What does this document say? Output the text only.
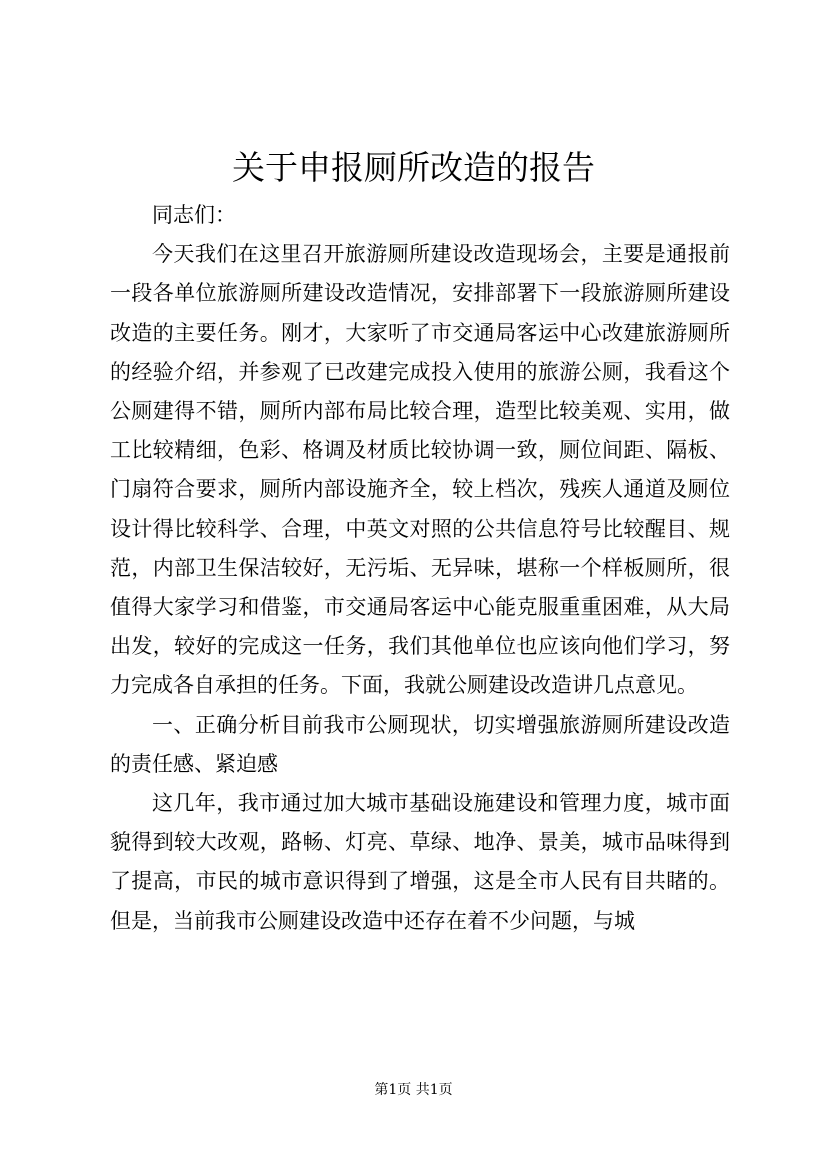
关于申报厕所改造的报告

同志们：

今天我们在这里召开旅游厕所建设改造现场会，主要是通报前一段各单位旅游厕所建设改造情况，安排部署下一段旅游厕所建设改造的主要任务。刚才，大家听了市交通局客运中心改建旅游厕所的经验介绍，并参观了已改建完成投入使用的旅游公厕，我看这个公厕建得不错，厕所内部布局比较合理，造型比较美观、实用，做工比较精细，色彩、格调及材质比较协调一致，厕位间距、隔板、门扇符合要求，厕所内部设施齐全，较上档次，残疾人通道及厕位设计得比较科学、合理，中英文对照的公共信息符号比较醒目、规范，内部卫生保洁较好，无污垢、无异味，堪称一个样板厕所，很值得大家学习和借鉴，市交通局客运中心能克服重重困难，从大局出发，较好的完成这一任务，我们其他单位也应该向他们学习，努力完成各自承担的任务。下面，我就公厕建设改造讲几点意见。

一、正确分析目前我市公厕现状，切实增强旅游厕所建设改造的责任感、紧迫感

这几年，我市通过加大城市基础设施建设和管理力度，城市面貌得到较大改观，路畅、灯亮、草绿、地净、景美，城市品味得到了提高，市民的城市意识得到了增强，这是全市人民有目共睹的。但是，当前我市公厕建设改造中还存在着不少问题，与城

第1页 共1页
